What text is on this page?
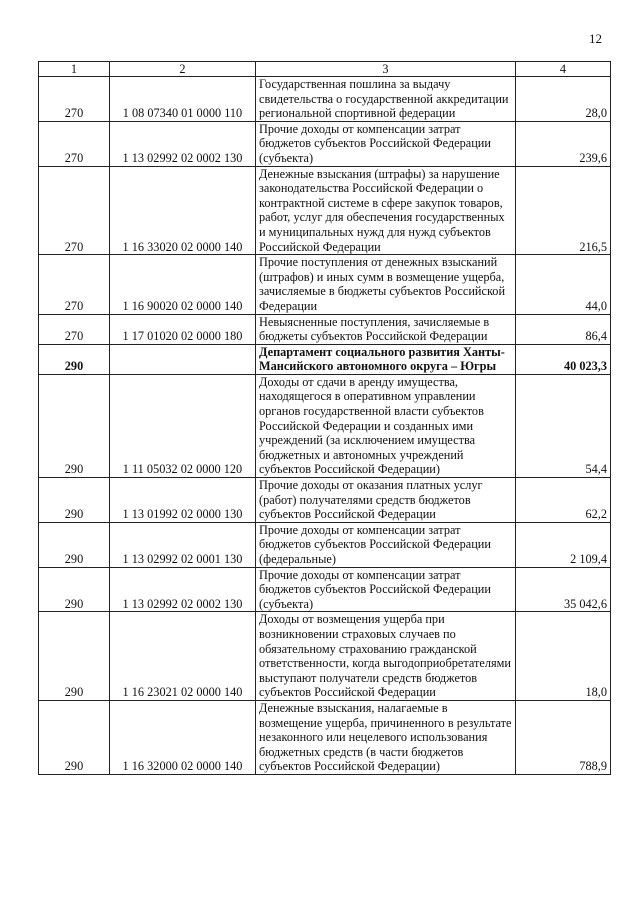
12
1	2	3	4
270	1 08 07340 01 0000 110	Государственная пошлина за выдачу свидетельства о государственной аккредитации региональной спортивной федерации	28,0
270	1 13 02992 02 0002 130	Прочие доходы от компенсации затрат бюджетов субъектов Российской Федерации (субъекта)	239,6
270	1 16 33020 02 0000 140	Денежные взыскания (штрафы) за нарушение законодательства Российской Федерации о контрактной системе в сфере закупок товаров, работ, услуг для обеспечения государственных и муниципальных нужд для нужд субъектов Российской Федерации	216,5
270	1 16 90020 02 0000 140	Прочие поступления от денежных взысканий (штрафов) и иных сумм в возмещение ущерба, зачисляемые в бюджеты субъектов Российской Федерации	44,0
270	1 17 01020 02 0000 180	Невыясненные поступления, зачисляемые в бюджеты субъектов Российской Федерации	86,4
290		Департамент социального развития Ханты-Мансийского автономного округа – Югры	40 023,3
290	1 11 05032 02 0000 120	Доходы от сдачи в аренду имущества, находящегося в оперативном управлении органов государственной власти субъектов Российской Федерации и созданных ими учреждений (за исключением имущества бюджетных и автономных учреждений субъектов Российской Федерации)	54,4
290	1 13 01992 02 0000 130	Прочие доходы от оказания платных услуг (работ) получателями средств бюджетов субъектов Российской Федерации	62,2
290	1 13 02992 02 0001 130	Прочие доходы от компенсации затрат бюджетов субъектов Российской Федерации (федеральные)	2 109,4
290	1 13 02992 02 0002 130	Прочие доходы от компенсации затрат бюджетов субъектов Российской Федерации (субъекта)	35 042,6
290	1 16 23021 02 0000 140	Доходы от возмещения ущерба при возникновении страховых случаев по обязательному страхованию гражданской ответственности, когда выгодоприобретателями выступают получатели средств бюджетов субъектов Российской Федерации	18,0
290	1 16 32000 02 0000 140	Денежные взыскания, налагаемые в возмещение ущерба, причиненного в результате незаконного или нецелевого использования бюджетных средств (в части бюджетов субъектов Российской Федерации)	788,9
